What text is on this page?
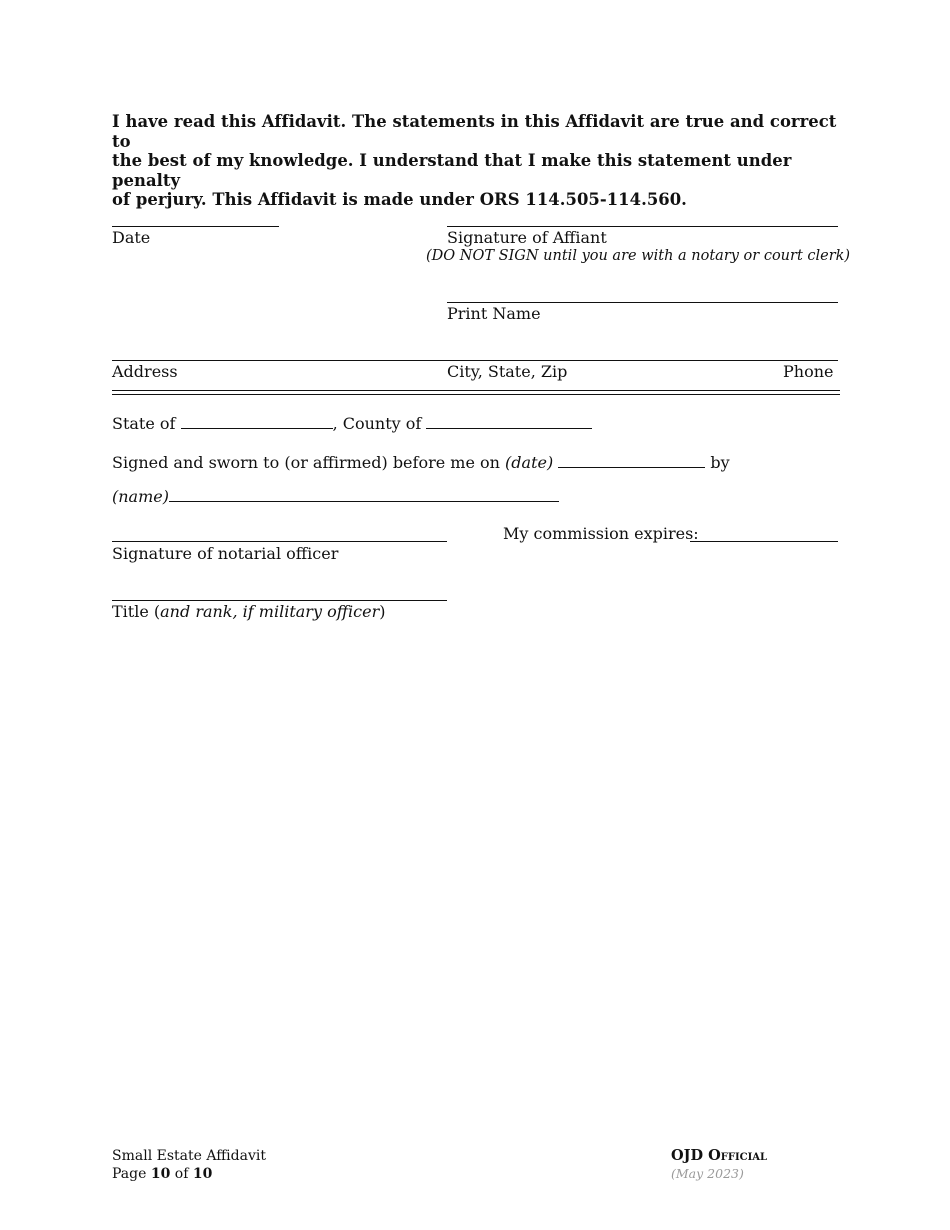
I have read this Affidavit. The statements in this Affidavit are true and correct to
the best of my knowledge. I understand that I make this statement under penalty
of perjury. This Affidavit is made under ORS 114.505-114.560.
Date	Signature of Affiant
(DO NOT SIGN until you are with a notary or court clerk)
Print Name
Address	City, State, Zip	Phone
State of	, County of
Signed and sworn to (or affirmed) before me on (date)	by
(name)
Signature of notarial officer
My commission expires:
Title (and rank, if military officer)
Small Estate Affidavit
Page 10 of 10
OJD Official
(May 2023)
